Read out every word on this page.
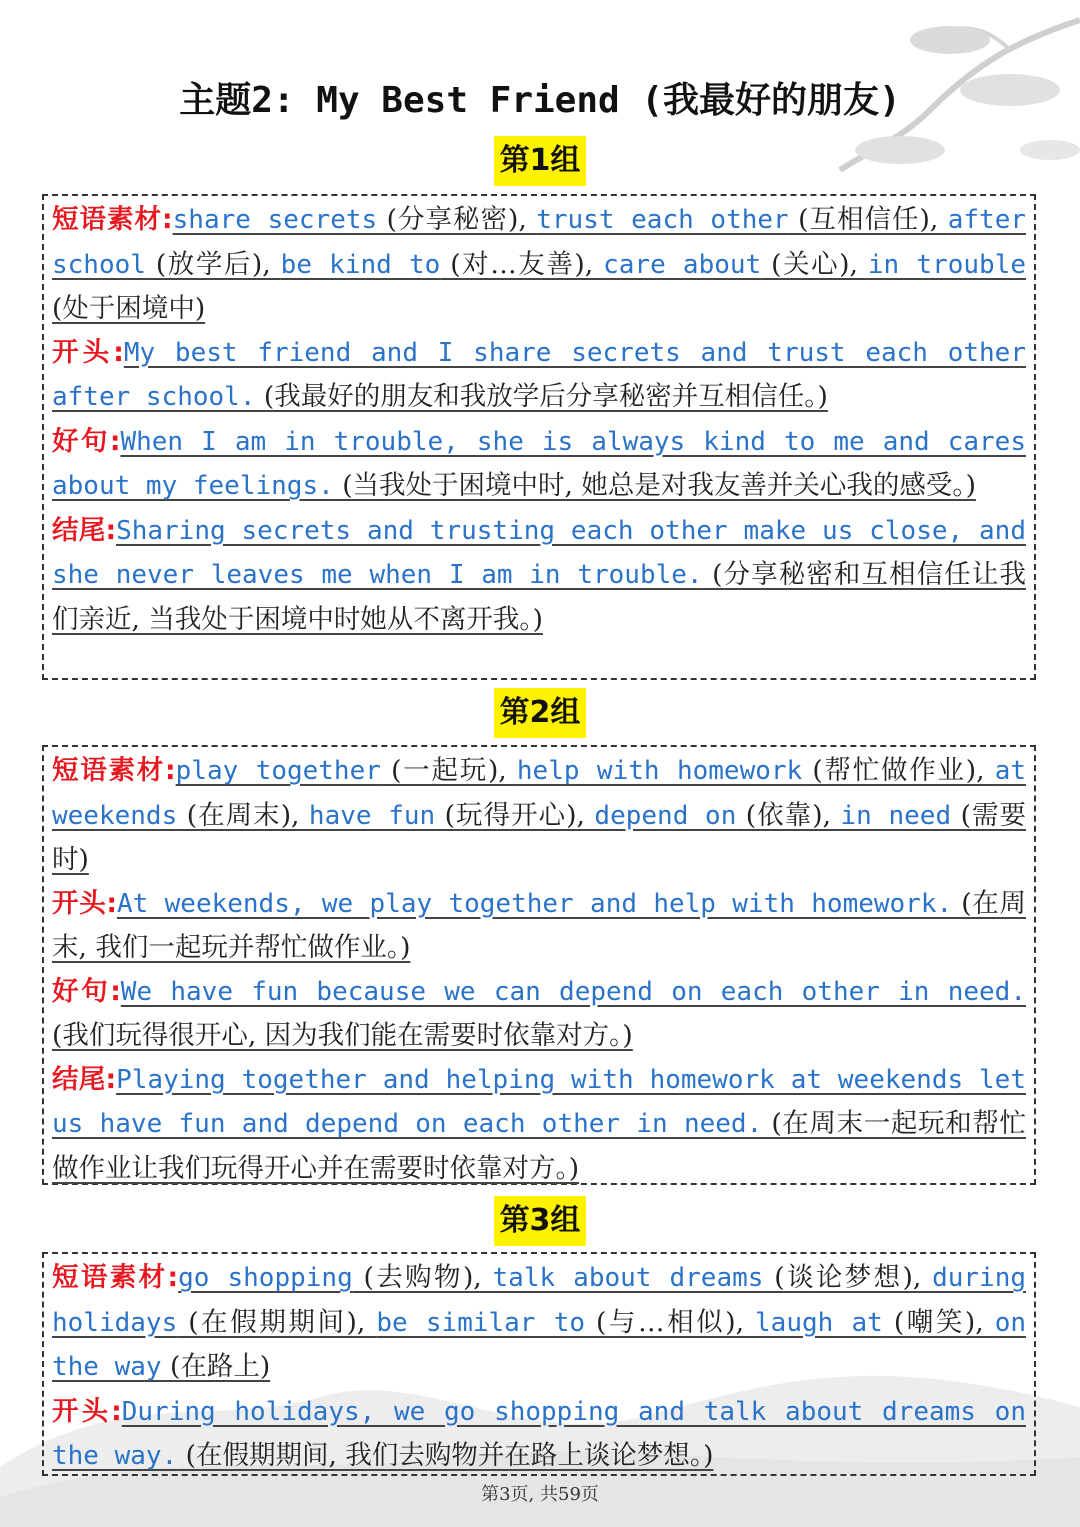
主题2: My Best Friend (我最好的朋友)
第1组

短语素材:share secrets (分享秘密), trust each other (互相信任), after school (放学后), be kind to (对…友善), care about (关心), in trouble (处于困境中)

开头:My best friend and I share secrets and trust each other after school. (我最好的朋友和我放学后分享秘密并互相信任。)

好句:When I am in trouble, she is always kind to me and cares about my feelings. (当我处于困境中时, 她总是对我友善并关心我的感受。)

结尾:Sharing secrets and trusting each other make us close, and she never leaves me when I am in trouble. (分享秘密和互相信任让我们亲近, 当我处于困境中时她从不离开我。)

第2组

短语素材:play together (一起玩), help with homework (帮忙做作业), at weekends (在周末), have fun (玩得开心), depend on (依靠), in need (需要时)

开头:At weekends, we play together and help with homework. (在周末, 我们一起玩并帮忙做作业。)

好句:We have fun because we can depend on each other in need. (我们玩得很开心, 因为我们能在需要时依靠对方。)

结尾:Playing together and helping with homework at weekends let us have fun and depend on each other in need. (在周末一起玩和帮忙做作业让我们玩得开心并在需要时依靠对方。)

第3组

短语素材:go shopping (去购物), talk about dreams (谈论梦想), during holidays (在假期期间), be similar to (与…相似), laugh at (嘲笑), on the way (在路上)

开头:During holidays, we go shopping and talk about dreams on the way. (在假期期间, 我们去购物并在路上谈论梦想。)

第3页, 共59页
